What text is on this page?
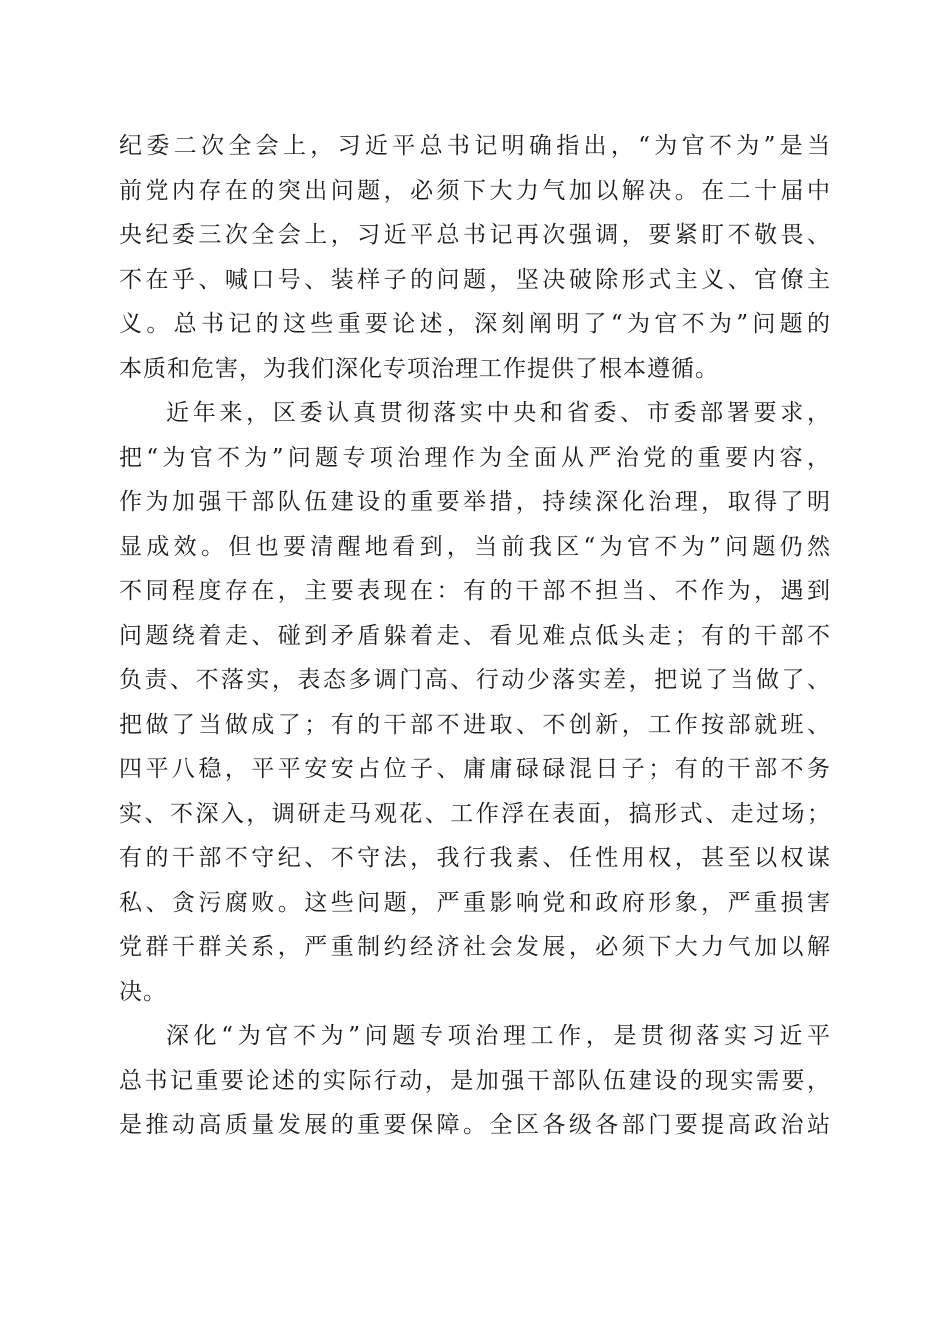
纪委二次全会上，习近平总书记明确指出，“为官不为”是当
前党内存在的突出问题，必须下大力气加以解决。在二十届中
央纪委三次全会上，习近平总书记再次强调，要紧盯不敬畏、
不在乎、喊口号、装样子的问题，坚决破除形式主义、官僚主
义。总书记的这些重要论述，深刻阐明了“为官不为”问题的
本质和危害，为我们深化专项治理工作提供了根本遵循。
近年来，区委认真贯彻落实中央和省委、市委部署要求，
把“为官不为”问题专项治理作为全面从严治党的重要内容，
作为加强干部队伍建设的重要举措，持续深化治理，取得了明
显成效。但也要清醒地看到，当前我区“为官不为”问题仍然
不同程度存在，主要表现在：有的干部不担当、不作为，遇到
问题绕着走、碰到矛盾躲着走、看见难点低头走；有的干部不
负责、不落实，表态多调门高、行动少落实差，把说了当做了、
把做了当做成了；有的干部不进取、不创新，工作按部就班、
四平八稳，平平安安占位子、庸庸碌碌混日子；有的干部不务
实、不深入，调研走马观花、工作浮在表面，搞形式、走过场；
有的干部不守纪、不守法，我行我素、任性用权，甚至以权谋
私、贪污腐败。这些问题，严重影响党和政府形象，严重损害
党群干群关系，严重制约经济社会发展，必须下大力气加以解
决。
深化“为官不为”问题专项治理工作，是贯彻落实习近平
总书记重要论述的实际行动，是加强干部队伍建设的现实需要，
是推动高质量发展的重要保障。全区各级各部门要提高政治站
